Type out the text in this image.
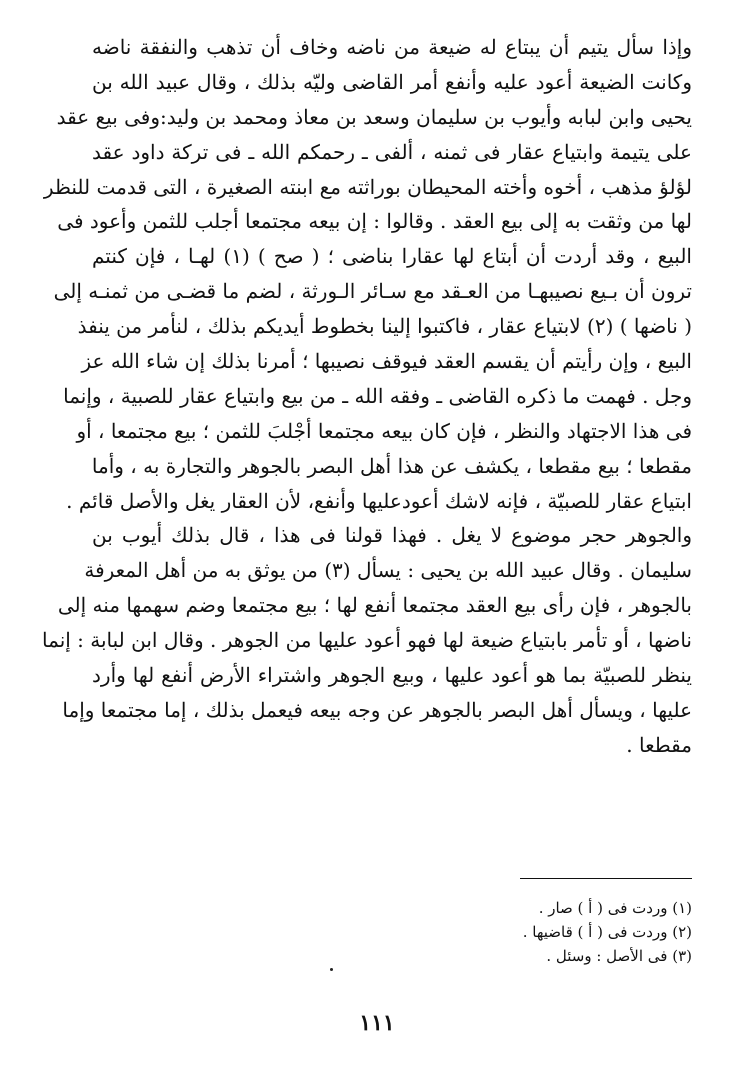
وإذا سأل يتيم أن يبتاع له ضيعة من ناضه وخاف أن تذهب والنفقة ناضه
وكانت الضيعة أعود عليه وأنفع أمر القاضى وليّه بذلك ، وقال عبيد الله بن
يحيى وابن لبابه وأيوب بن سليمان وسعد بن معاذ ومحمد بن وليد:وفى بيع عقد
على يتيمة وابتياع عقار فى ثمنه ، ألفى ـ رحمكم الله ـ فى تركة داود عقد
لؤلؤ مذهب ، أخوه وأخته المحيطان بوراثته مع ابنته الصغيرة ، التى قدمت للنظر
لها من وثقت به إلى بيع العقد . وقالوا : إن بيعه مجتمعا أجلب للثمن وأعود فى
البيع ، وقد أردت أن أبتاع لها عقارا بناضى ؛ ( صح ) (١) لهـا ، فإن كنتم
ترون أن بـيع نصيبهـا من العـقد مع سـائر الـورثة ، لضم ما قضـى من ثمنـه إلى
( ناضها ) (٢) لابتياع عقار ، فاكتبوا إلينا بخطوط أيديكم بذلك ، لنأمر من ينفذ
البيع ، وإن رأيتم أن يقسم العقد فيوقف نصيبها ؛ أمرنا بذلك إن شاء الله عز
وجل . فهمت ما ذكره القاضى ـ وفقه الله ـ من بيع وابتياع عقار للصبية ، وإنما
فى هذا الاجتهاد والنظر ، فإن كان بيعه مجتمعا أجْلبَ للثمن ؛ بيع مجتمعا ، أو
مقطعا ؛ بيع مقطعا ، يكشف عن هذا أهل البصر بالجوهر والتجارة به ، وأما
ابتياع عقار للصبيّة ، فإنه لاشك أعودعليها وأنفع، لأن العقار يغل والأصل قائم .
والجوهر حجر موضوع لا يغل . فهذا قولنا فى هذا ، قال بذلك أيوب بن
سليمان . وقال عبيد الله بن يحيى : يسأل (٣) من يوثق به من أهل المعرفة
بالجوهر ، فإن رأى بيع العقد مجتمعا أنفع لها ؛ بيع مجتمعا وضم سهمها منه إلى
ناضها ، أو تأمر بابتياع ضيعة لها فهو أعود عليها من الجوهر . وقال ابن لبابة : إنما
ينظر للصبيّة بما هو أعود عليها ، وبيع الجوهر واشتراء الأرض أنفع لها وأرد
عليها ، ويسأل أهل البصر بالجوهر عن وجه بيعه فيعمل بذلك ، إما مجتمعا وإما
مقطعا .
(١) وردت فى ( أ ) صار .
(٢) وردت فى ( أ ) قاضيها .
(٣) فى الأصل : وسئل .
١١١
